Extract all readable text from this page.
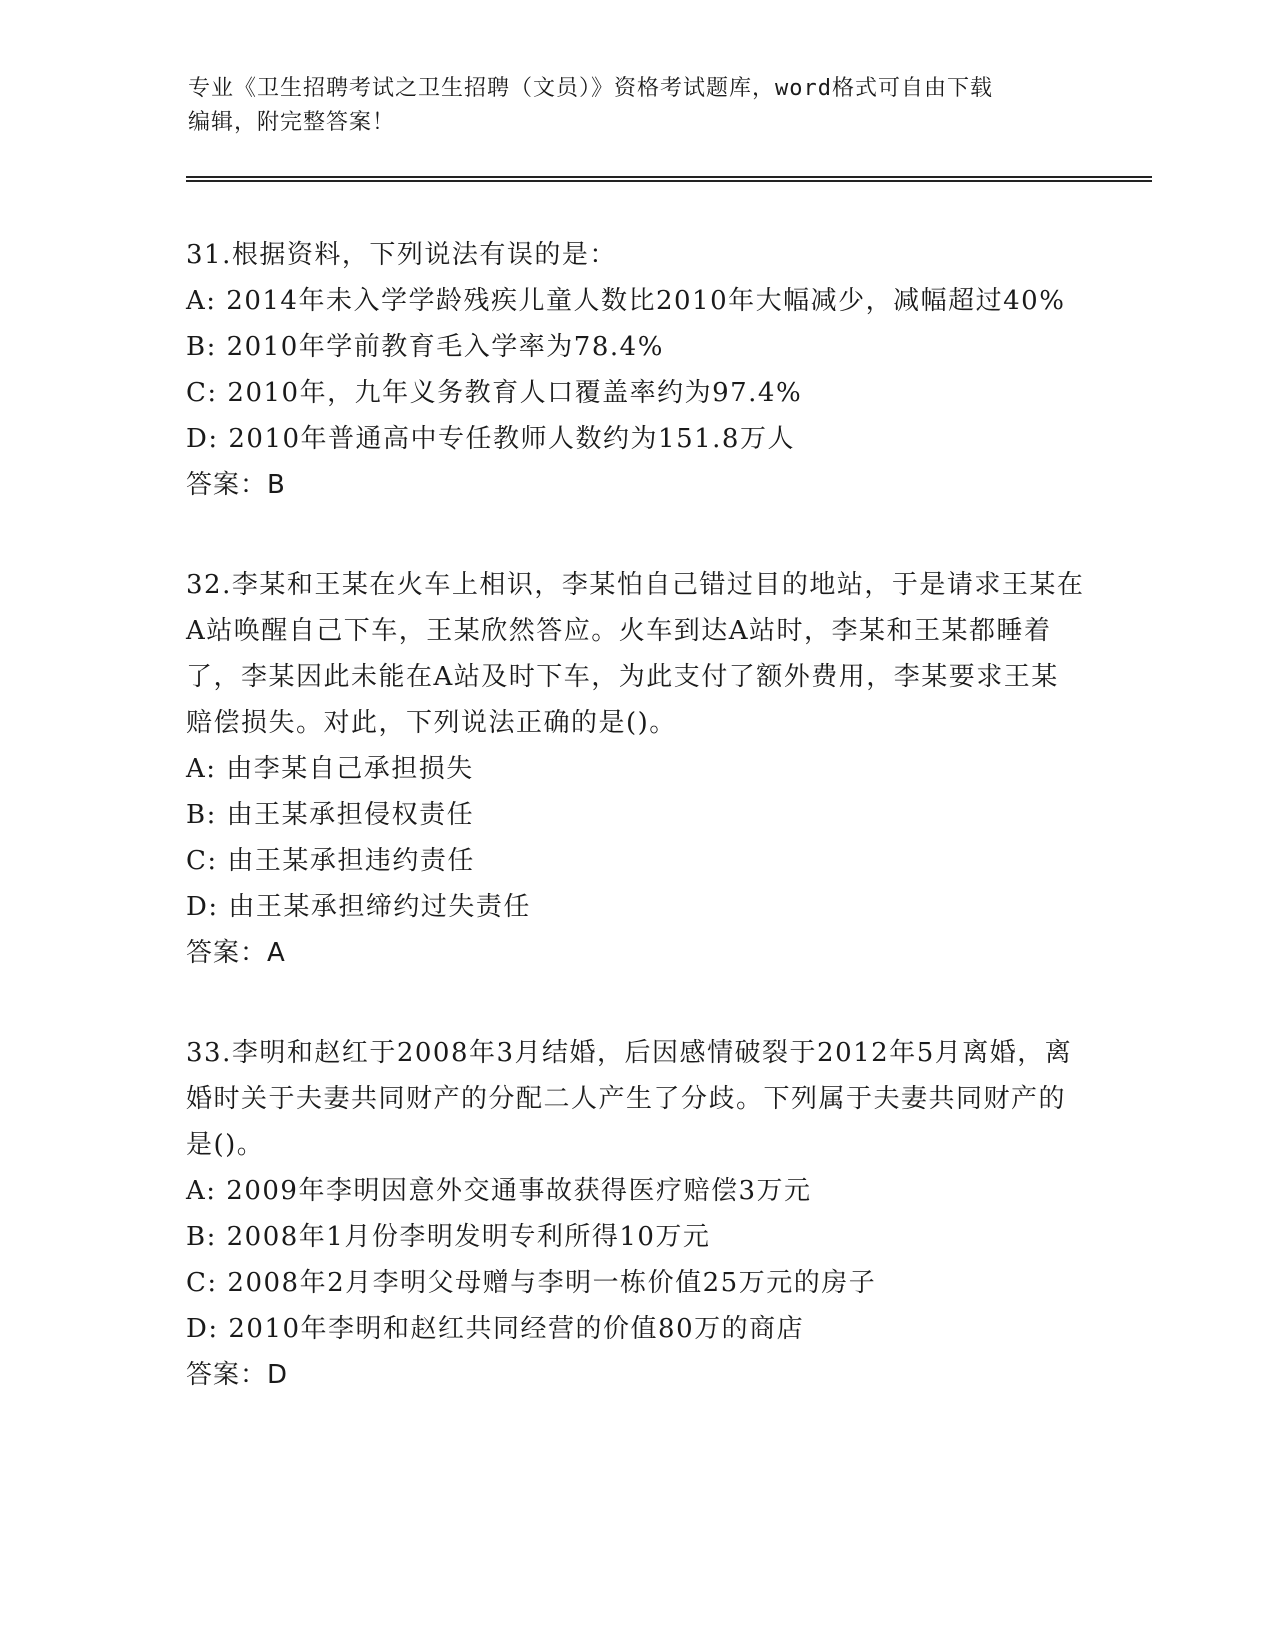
专业《卫生招聘考试之卫生招聘（文员）》资格考试题库，word格式可自由下载
编辑，附完整答案！

31.根据资料，下列说法有误的是：

A: 2014年未入学学龄残疾儿童人数比2010年大幅减少，减幅超过40%

B: 2010年学前教育毛入学率为78.4%

C: 2010年，九年义务教育人口覆盖率约为97.4%

D: 2010年普通高中专任教师人数约为151.8万人

答案：B

32.李某和王某在火车上相识，李某怕自己错过目的地站，于是请求王某在A站唤醒自己下车，王某欣然答应。火车到达A站时，李某和王某都睡着了，李某因此未能在A站及时下车，为此支付了额外费用，李某要求王某赔偿损失。对此，下列说法正确的是()。

A: 由李某自己承担损失

B: 由王某承担侵权责任

C: 由王某承担违约责任

D: 由王某承担缔约过失责任

答案：A

33.李明和赵红于2008年3月结婚，后因感情破裂于2012年5月离婚，离婚时关于夫妻共同财产的分配二人产生了分歧。下列属于夫妻共同财产的是()。

A: 2009年李明因意外交通事故获得医疗赔偿3万元

B: 2008年1月份李明发明专利所得10万元

C: 2008年2月李明父母赠与李明一栋价值25万元的房子

D: 2010年李明和赵红共同经营的价值80万的商店

答案：D
